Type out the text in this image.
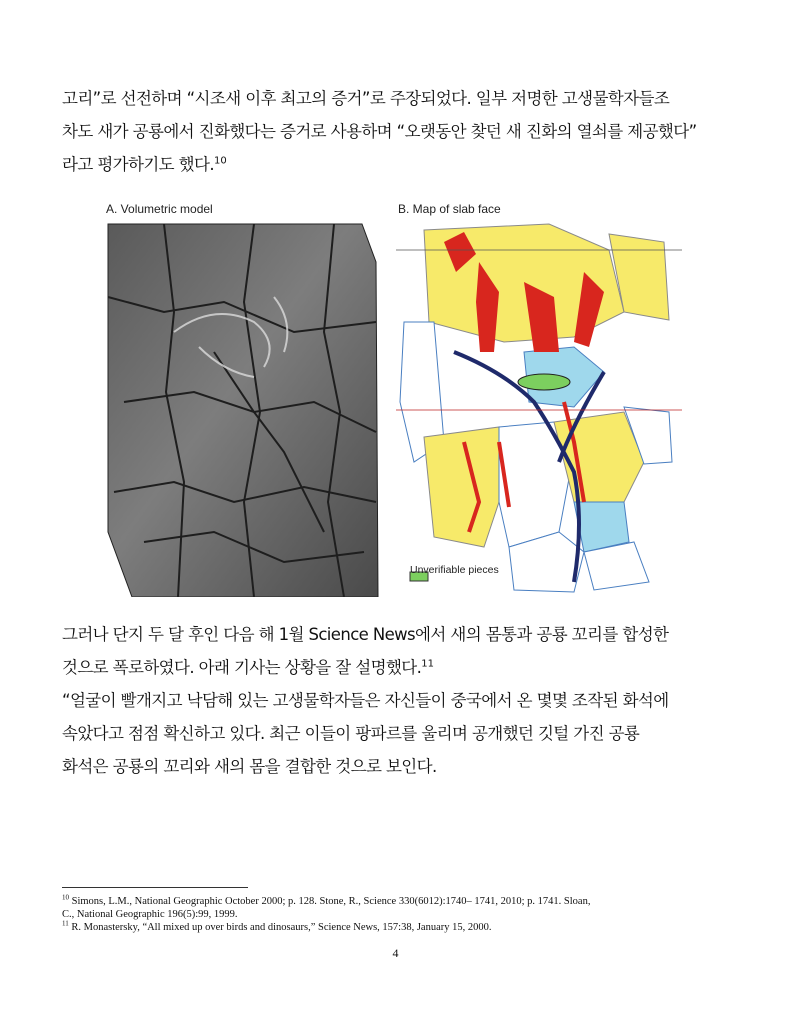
고리”로 선전하며 “시조새 이후 최고의 증거”로 주장되었다. 일부 저명한 고생물학자들조
차도 새가 공룡에서 진화했다는 증거로 사용하며 “오랫동안 찾던 새 진화의 열쇠를 제공했다”
라고 평가하기도 했다.$^{10}$
A. Volumetric model	B. Map of slab face
Unverifiable pieces
그러나 단지 두 달 후인 다음 해 1월 Science News에서 새의 몸통과 공룡 꼬리를 합성한
것으로 폭로하였다. 아래 기사는 상황을 잘 설명했다.$^{11}$
“얼굴이 빨개지고 낙담해 있는 고생물학자들은 자신들이 중국에서 온 몇몇 조작된 화석에
속았다고 점점 확신하고 있다. 최근 이들이 팡파르를 울리며 공개했던 깃털 가진 공룡
화석은 공룡의 꼬리와 새의 몸을 결합한 것으로 보인다.
$^{10}$ Simons, L.M., National Geographic October 2000; p. 128. Stone, R., Science 330(6012):1740– 1741, 2010; p. 1741. Sloan,
C., National Geographic 196(5):99, 1999.
$^{11}$ R. Monastersky, “All mixed up over birds and dinosaurs,” Science News, 157:38, January 15, 2000.
4
